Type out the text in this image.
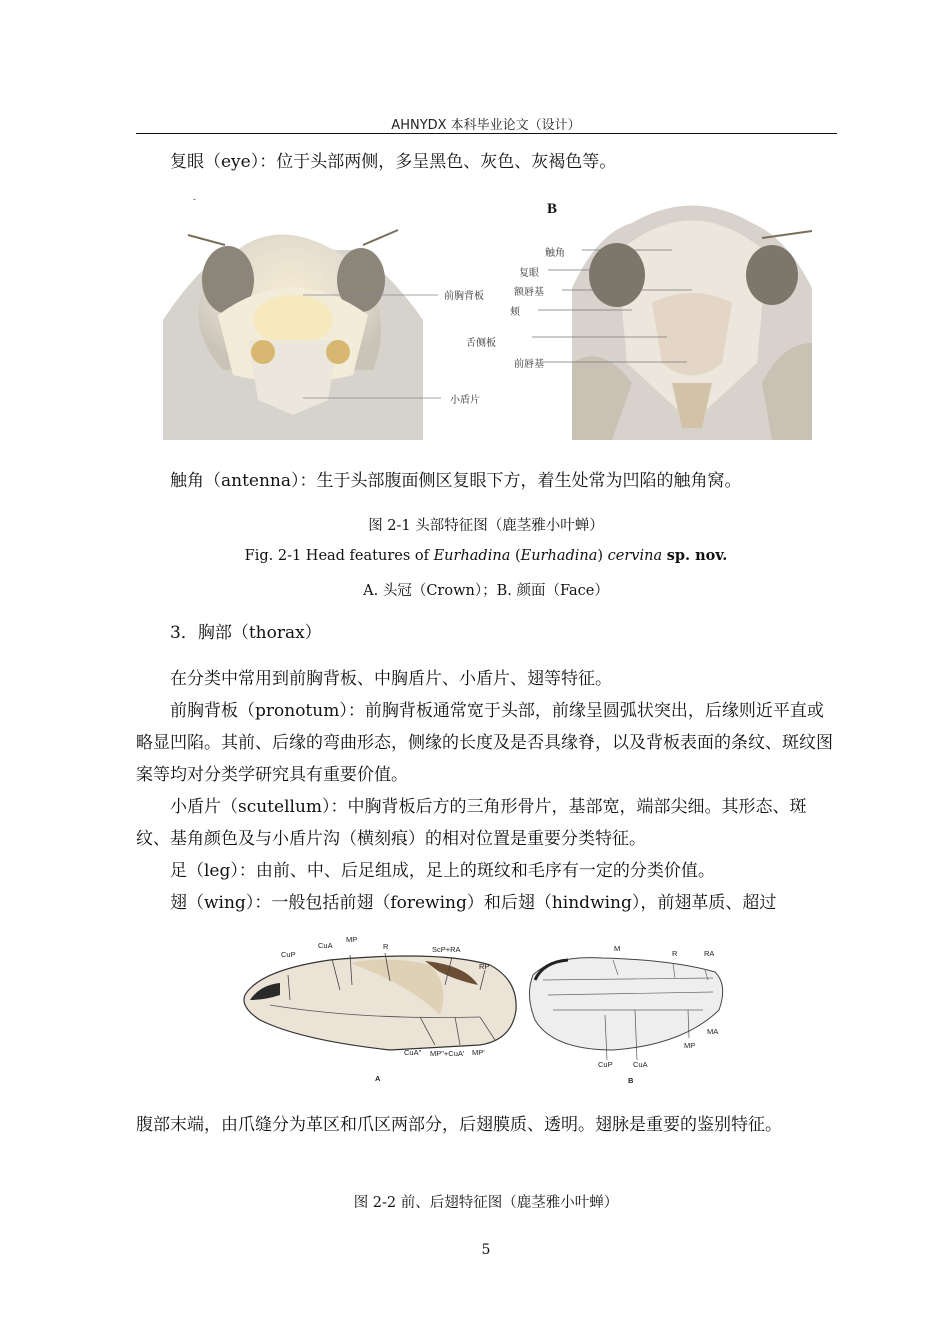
AHNYDX 本科毕业论文（设计）
复眼（eye）：位于头部两侧，多呈黑色、灰色、灰褐色等。
前胸背板
小盾片
B
触角
复眼
额唇基
颊
舌侧板
前唇基
触角（antenna）：生于头部腹面侧区复眼下方，着生处常为凹陷的触角窝。
图 2-1 头部特征图（鹿茎雅小叶蝉）
Fig. 2-1 Head features of Eurhadina (Eurhadina) cervina sp. nov.
A. 头冠（Crown）；B. 颜面（Face）
3．胸部（thorax）
在分类中常用到前胸背板、中胸盾片、小盾片、翅等特征。
前胸背板（pronotum）：前胸背板通常宽于头部，前缘呈圆弧状突出，后缘则近平直或略显凹陷。其前、后缘的弯曲形态，侧缘的长度及是否具缘脊，以及背板表面的条纹、斑纹图案等均对分类学研究具有重要价值。
小盾片（scutellum）：中胸背板后方的三角形骨片，基部宽，端部尖细。其形态、斑纹、基角颜色及与小盾片沟（横刻痕）的相对位置是重要分类特征。
足（leg）：由前、中、后足组成，足上的斑纹和毛序有一定的分类价值。
翅（wing）：一般包括前翅（forewing）和后翅（hindwing），前翅革质、超过
CuP
CuA
MP
R	ScP+RA
RP
CuA" MP"+CuA' MP'
A
M
R	RA
MA
MP
CuA
CuP
B
腹部末端，由爪缝分为革区和爪区两部分，后翅膜质、透明。翅脉是重要的鉴别特征。
图 2-2 前、后翅特征图（鹿茎雅小叶蝉）
5
